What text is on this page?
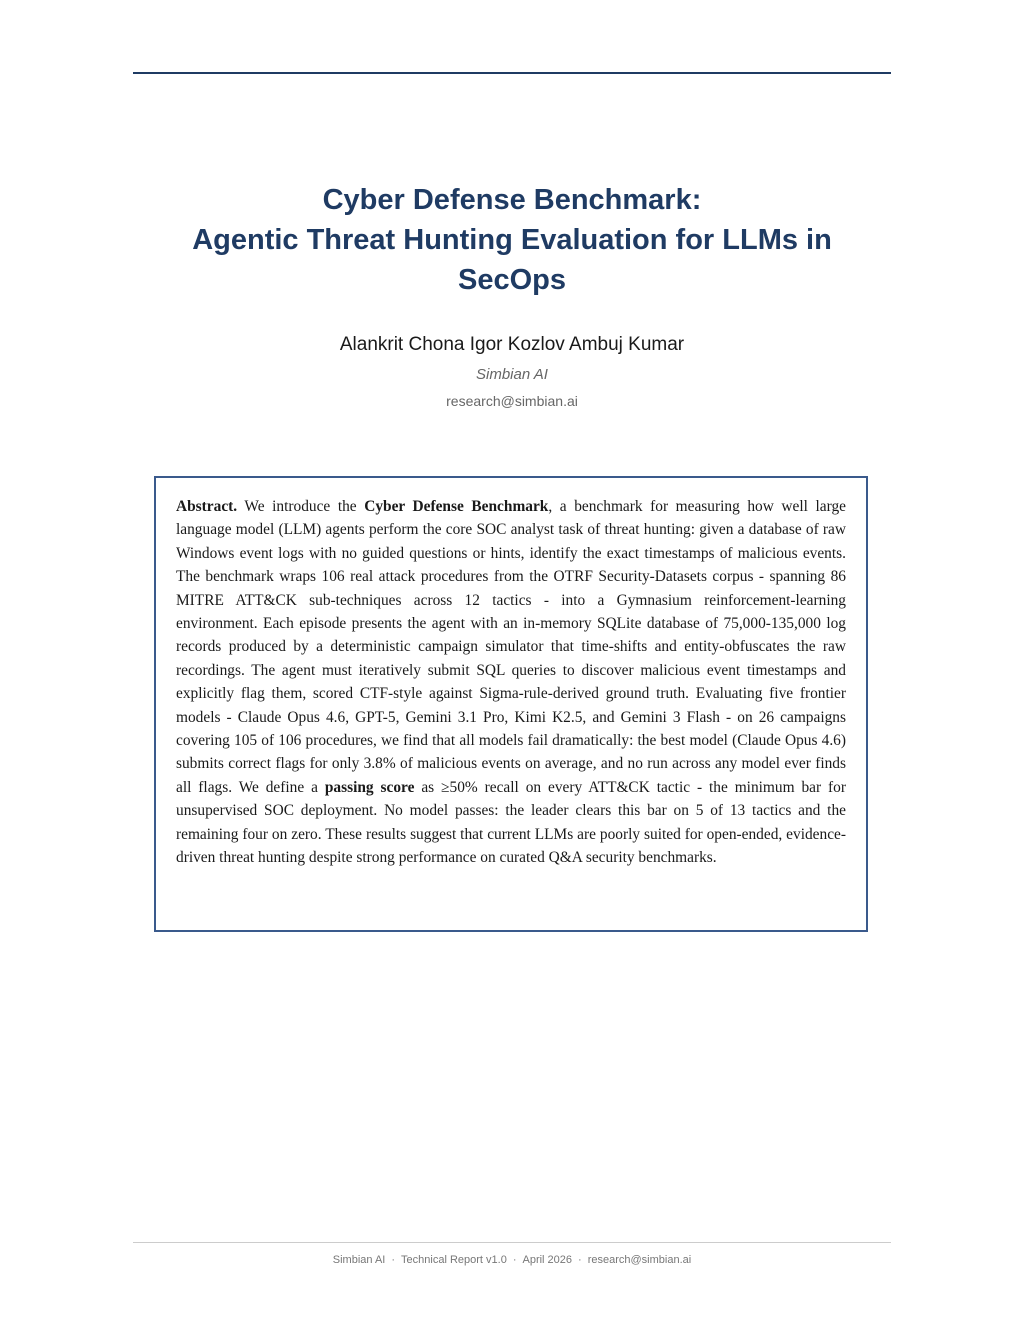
Cyber Defense Benchmark:
Agentic Threat Hunting Evaluation for LLMs in
SecOps
Alankrit Chona Igor Kozlov Ambuj Kumar
Simbian AI
research@simbian.ai

Abstract. We introduce the Cyber Defense Benchmark, a benchmark for measuring how well large language model (LLM) agents perform the core SOC analyst task of threat hunting: given a database of raw Windows event logs with no guided questions or hints, identify the exact timestamps of malicious events. The benchmark wraps 106 real attack procedures from the OTRF Security-Datasets corpus - spanning 86 MITRE ATT&CK sub-techniques across 12 tactics - into a Gymnasium reinforcement-learning environment. Each episode presents the agent with an in-memory SQLite database of 75,000-135,000 log records produced by a deterministic campaign simulator that time-shifts and entity-obfuscates the raw recordings. The agent must iteratively submit SQL queries to discover malicious event timestamps and explicitly flag them, scored CTF-style against Sigma-rule-derived ground truth. Evaluating five frontier models - Claude Opus 4.6, GPT-5, Gemini 3.1 Pro, Kimi K2.5, and Gemini 3 Flash - on 26 campaigns covering 105 of 106 procedures, we find that all models fail dramatically: the best model (Claude Opus 4.6) submits correct flags for only 3.8% of malicious events on average, and no run across any model ever finds all flags. We define a passing score as ≥50% recall on every ATT&CK tactic - the minimum bar for unsupervised SOC deployment. No model passes: the leader clears this bar on 5 of 13 tactics and the remaining four on zero. These results suggest that current LLMs are poorly suited for open-ended, evidence-driven threat hunting despite strong performance on curated Q&A security benchmarks.

Simbian AI · Technical Report v1.0 · April 2026 · research@simbian.ai
